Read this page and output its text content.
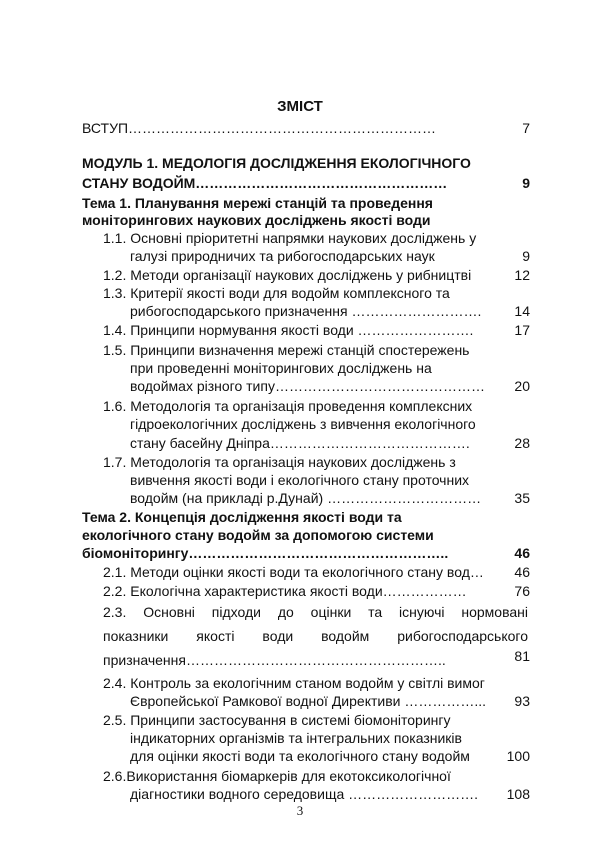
ЗМІСТ
ВСТУП…………………………………………………………	7
МОДУЛЬ 1. МЕДОЛОГІЯ ДОСЛІДЖЕННЯ ЕКОЛОГІЧНОГО
СТАНУ ВОДОЙМ………………………………………………	9
Тема 1. Планування мережі станцій та проведення
моніторингових наукових досліджень якості води
1.1. Основні пріоритетні напрямки наукових досліджень у
галузі природничих та рибогосподарських наук	9
1.2. Методи організації наукових досліджень у рибництві	12
1.3. Критерії якості води для водойм комплексного та
рибогосподарського призначення ………………………. 14
1.4. Принципи нормування якості води …………………….	17
1.5. Принципи визначення мережі станцій спостережень
при проведенні моніторингових досліджень на
водоймах різного типу……………………………………… 20
1.6. Методологія та організація проведення комплексних
гідроекологічних досліджень з вивчення екологічного
стану басейну Дніпра…………………………………….	28
1.7. Методологія та організація наукових досліджень з
вивчення якості води і екологічного стану проточних
водойм (на прикладі р.Дунай) …………………………… 35
Тема 2. Концепція дослідження якості води та
екологічного стану водойм за допомогою системи
біомоніторингу………………………………………………..	46
2.1. Методи оцінки якості води та екологічного стану вод… 46
2.2. Екологічна характеристика якості води………………	76
2.3. Основні підходи до оцінки та існуючі нормовані
показники якості води водойм рибогосподарського
призначення………………………………………………..	81
2.4. Контроль за екологічним станом водойм у світлі вимог
Європейської Рамкової водної Директиви ……………... 93
2.5. Принципи застосування в системі біомоніторингу
індикаторних організмів та інтегральних показників
для оцінки якості води та екологічного стану водойм	100
2.6.Використання біомаркерів для екотоксикологічної
діагностики водного середовища ………………………. 108
3
